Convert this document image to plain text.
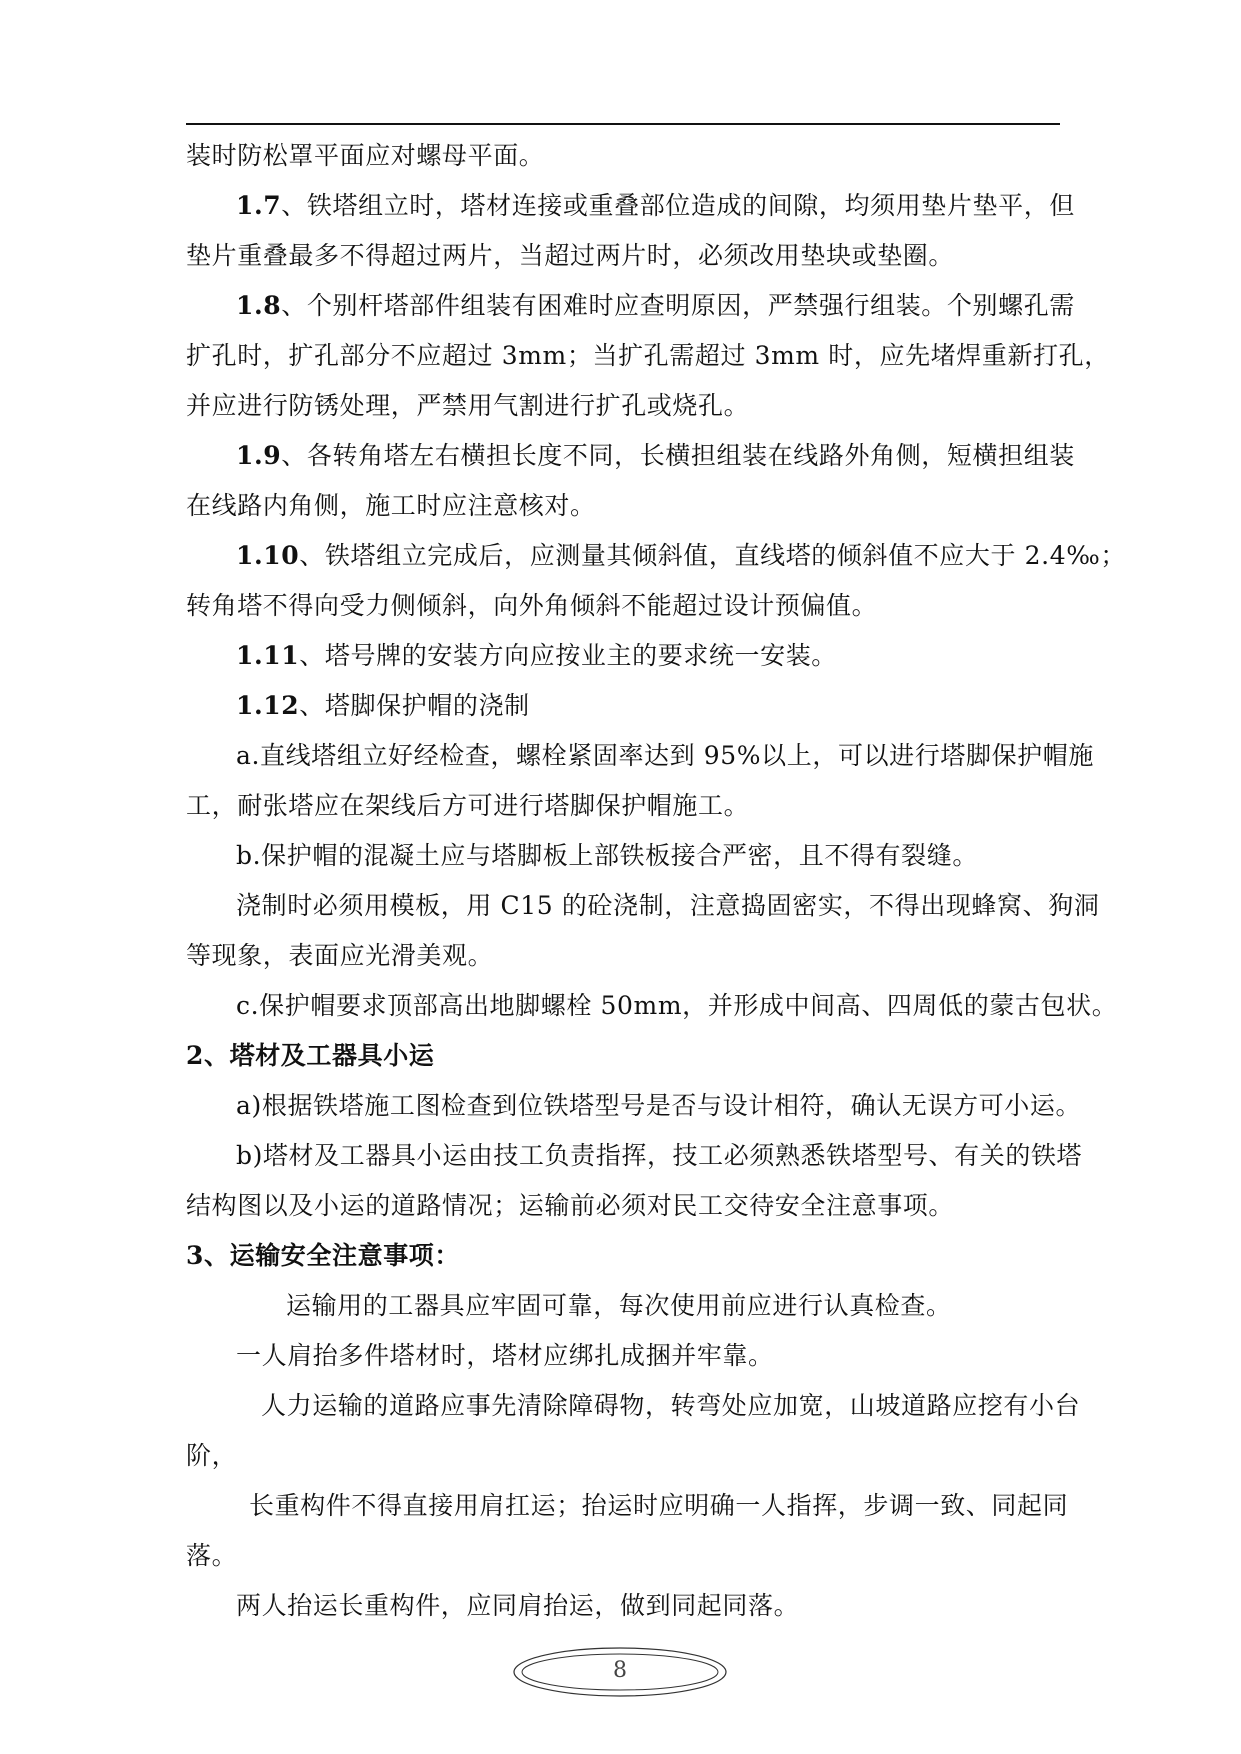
装时防松罩平面应对螺母平面。
1.7、铁塔组立时，塔材连接或重叠部位造成的间隙，均须用垫片垫平，但
垫片重叠最多不得超过两片，当超过两片时，必须改用垫块或垫圈。
1.8、个别杆塔部件组装有困难时应查明原因，严禁强行组装。个别螺孔需
扩孔时，扩孔部分不应超过 3mm；当扩孔需超过 3mm 时，应先堵焊重新打孔，
并应进行防锈处理，严禁用气割进行扩孔或烧孔。
1.9、各转角塔左右横担长度不同，长横担组装在线路外角侧，短横担组装
在线路内角侧，施工时应注意核对。
1.10、铁塔组立完成后，应测量其倾斜值，直线塔的倾斜值不应大于 2.4‰；
转角塔不得向受力侧倾斜，向外角倾斜不能超过设计预偏值。
1.11、塔号牌的安装方向应按业主的要求统一安装。
1.12、塔脚保护帽的浇制
a.直线塔组立好经检查，螺栓紧固率达到 95%以上，可以进行塔脚保护帽施
工，耐张塔应在架线后方可进行塔脚保护帽施工。
b.保护帽的混凝土应与塔脚板上部铁板接合严密，且不得有裂缝。
浇制时必须用模板，用 C15 的砼浇制，注意捣固密实，不得出现蜂窝、狗洞
等现象，表面应光滑美观。
c.保护帽要求顶部高出地脚螺栓 50mm，并形成中间高、四周低的蒙古包状。
2、塔材及工器具小运
a)根据铁塔施工图检查到位铁塔型号是否与设计相符，确认无误方可小运。
b)塔材及工器具小运由技工负责指挥，技工必须熟悉铁塔型号、有关的铁塔
结构图以及小运的道路情况；运输前必须对民工交待安全注意事项。
3、运输安全注意事项：
运输用的工器具应牢固可靠，每次使用前应进行认真检查。
一人肩抬多件塔材时，塔材应绑扎成捆并牢靠。
人力运输的道路应事先清除障碍物，转弯处应加宽，山坡道路应挖有小台
阶，
长重构件不得直接用肩扛运；抬运时应明确一人指挥，步调一致、同起同
落。
两人抬运长重构件，应同肩抬运，做到同起同落。
8
